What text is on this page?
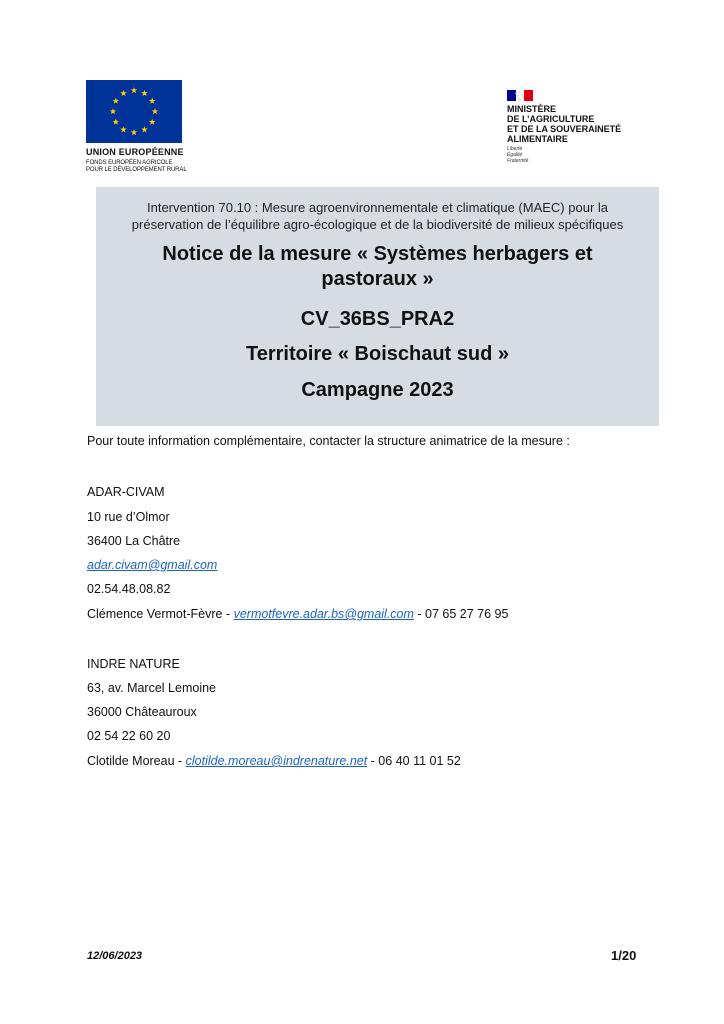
UNION EUROPÉENNE
FONDS EUROPÉEN AGRICOLE
POUR LE DÉVELOPPEMENT RURAL
MINISTÈRE
DE L’AGRICULTURE
ET DE LA SOUVERAINETÉ
ALIMENTAIRE
Liberté
Égalité
Fraternité
Intervention 70.10 : Mesure agroenvironnementale et climatique (MAEC) pour la préservation de l’équilibre agro-écologique et de la biodiversité de milieux spécifiques
Notice de la mesure « Systèmes herbagers et pastoraux »
CV_36BS_PRA2
Territoire « Boischaut sud »
Campagne 2023
Pour toute information complémentaire, contacter la structure animatrice de la mesure :
ADAR-CIVAM
10 rue d’Olmor
36400 La Châtre
adar.civam@gmail.com
02.54.48.08.82
Clémence Vermot-Fèvre - vermotfevre.adar.bs@gmail.com - 07 65 27 76 95
INDRE NATURE
63, av. Marcel Lemoine
36000 Châteauroux
02 54 22 60 20
Clotilde Moreau - clotilde.moreau@indrenature.net - 06 40 11 01 52
12/06/2023	1/20
